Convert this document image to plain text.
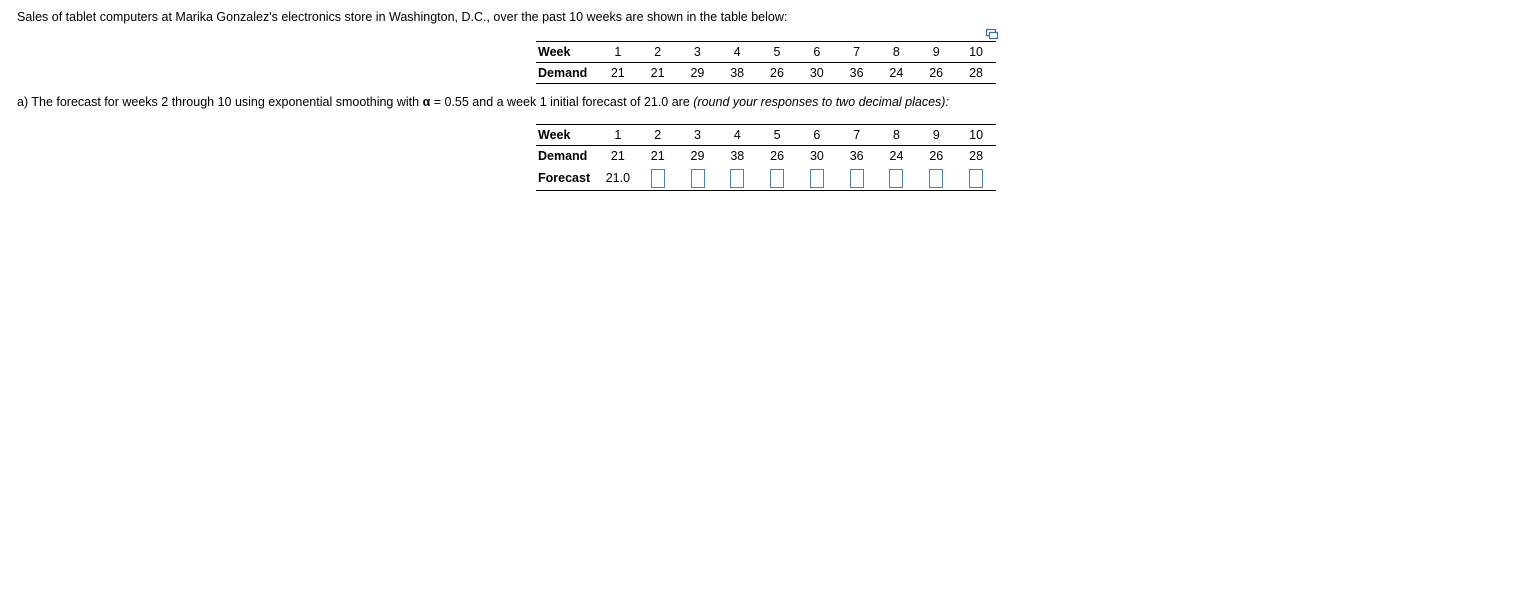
Sales of tablet computers at Marika Gonzalez's electronics store in Washington, D.C., over the past 10 weeks are shown in the table below:
Week	1	2	3	4	5	6	7	8	9	10
Demand	21	21	29	38	26	30	36	24	26	28
a) The forecast for weeks 2 through 10 using exponential smoothing with α = 0.55 and a week 1 initial forecast of 21.0 are (round your responses to two decimal places):
Week	1	2	3	4	5	6	7	8	9	10
Demand	21	21	29	38	26	30	36	24	26	28
Forecast	21.0									
